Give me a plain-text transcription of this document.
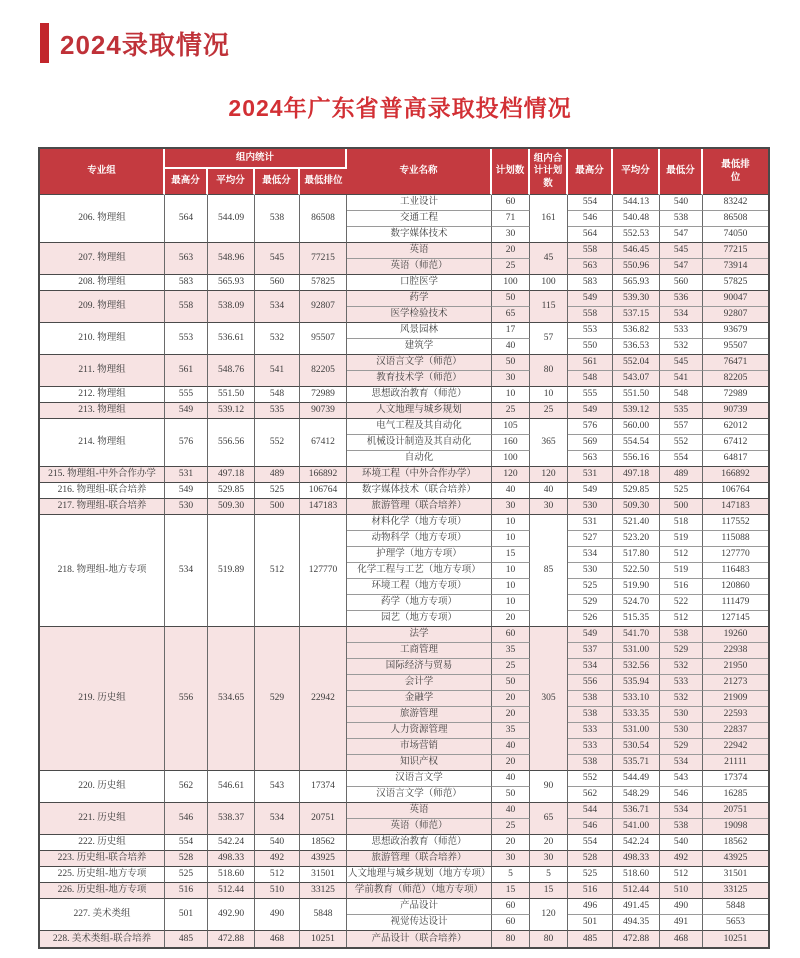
2024录取情况
2024年广东省普高录取投档情况
专业组	组内统计				专业名称	计划数	组内合计计划数	最高分	平均分	最低分	最低排位
	最高分	平均分	最低分	最低排位							
206. 物理组	564	544.09	538	86508	工业设计	60	161	554	544.13	540	83242
					交通工程	71		546	540.48	538	86508
					数字媒体技术	30		564	552.53	547	74050
207. 物理组	563	548.96	545	77215	英语	20	45	558	546.45	545	77215
					英语（师范）	25		563	550.96	547	73914
208. 物理组	583	565.93	560	57825	口腔医学	100	100	583	565.93	560	57825
209. 物理组	558	538.09	534	92807	药学	50	115	549	539.30	536	90047
					医学检验技术	65		558	537.15	534	92807
210. 物理组	553	536.61	532	95507	风景园林	17	57	553	536.82	533	93679
					建筑学	40		550	536.53	532	95507
211. 物理组	561	548.76	541	82205	汉语言文学（师范）	50	80	561	552.04	545	76471
					教育技术学（师范）	30		548	543.07	541	82205
212. 物理组	555	551.50	548	72989	思想政治教育（师范）	10	10	555	551.50	548	72989
213. 物理组	549	539.12	535	90739	人文地理与城乡规划	25	25	549	539.12	535	90739
214. 物理组	576	556.56	552	67412	电气工程及其自动化	105	365	576	560.00	557	62012
					机械设计制造及其自动化	160		569	554.54	552	67412
					自动化	100		563	556.16	554	64817
215. 物理组-中外合作办学	531	497.18	489	166892	环境工程（中外合作办学）	120	120	531	497.18	489	166892
216. 物理组-联合培养	549	529.85	525	106764	数字媒体技术（联合培养）	40	40	549	529.85	525	106764
217. 物理组-联合培养	530	509.30	500	147183	旅游管理（联合培养）	30	30	530	509.30	500	147183
218. 物理组-地方专项	534	519.89	512	127770	材料化学（地方专项）	10	85	531	521.40	518	117552
					动物科学（地方专项）	10		527	523.20	519	115088
					护理学（地方专项）	15		534	517.80	512	127770
					化学工程与工艺（地方专项）	10		530	522.50	519	116483
					环境工程（地方专项）	10		525	519.90	516	120860
					药学（地方专项）	10		529	524.70	522	111479
					园艺（地方专项）	20		526	515.35	512	127145
219. 历史组	556	534.65	529	22942	法学	60	305	549	541.70	538	19260
					工商管理	35		537	531.00	529	22938
					国际经济与贸易	25		534	532.56	532	21950
					会计学	50		556	535.94	533	21273
					金融学	20		538	533.10	532	21909
					旅游管理	20		538	533.35	530	22593
					人力资源管理	35		533	531.00	530	22837
					市场营销	40		533	530.54	529	22942
					知识产权	20		538	535.71	534	21111
220. 历史组	562	546.61	543	17374	汉语言文学	40	90	552	544.49	543	17374
					汉语言文学（师范）	50		562	548.29	546	16285
221. 历史组	546	538.37	534	20751	英语	40	65	544	536.71	534	20751
					英语（师范）	25		546	541.00	538	19098
222. 历史组	554	542.24	540	18562	思想政治教育（师范）	20	20	554	542.24	540	18562
223. 历史组-联合培养	528	498.33	492	43925	旅游管理（联合培养）	30	30	528	498.33	492	43925
225. 历史组-地方专项	525	518.60	512	31501	人文地理与城乡规划（地方专项）	5	5	525	518.60	512	31501
226. 历史组-地方专项	516	512.44	510	33125	学前教育（师范）（地方专项）	15	15	516	512.44	510	33125
227. 美术类组	501	492.90	490	5848	产品设计	60	120	496	491.45	490	5848
					视觉传达设计	60		501	494.35	491	5653
228. 美术类组-联合培养	485	472.88	468	10251	产品设计（联合培养）	80	80	485	472.88	468	10251
